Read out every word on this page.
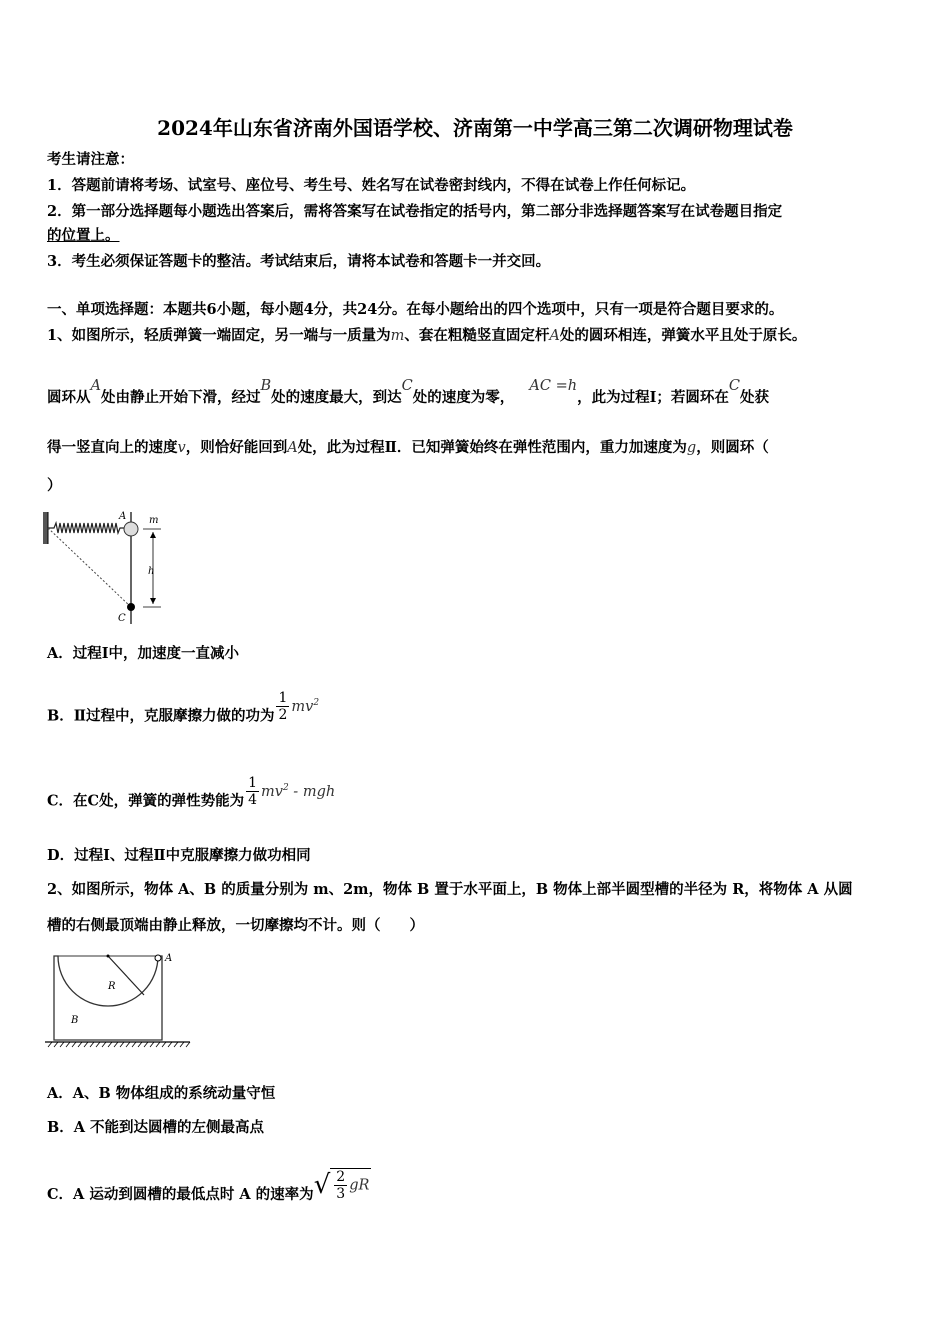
2024年山东省济南外国语学校、济南第一中学高三第二次调研物理试卷
考生请注意：
1．答题前请将考场、试室号、座位号、考生号、姓名写在试卷密封线内，不得在试卷上作任何标记。
2．第一部分选择题每小题选出答案后，需将答案写在试卷指定的括号内，第二部分非选择题答案写在试卷题目指定
的位置上。
3．考生必须保证答题卡的整洁。考试结束后，请将本试卷和答题卡一并交回。
一、单项选择题：本题共6小题，每小题4分，共24分。在每小题给出的四个选项中，只有一项是符合题目要求的。
1、如图所示，轻质弹簧一端固定，另一端与一质量为m、套在粗糙竖直固定杆A处的圆环相连，弹簧水平且处于原长。
圆环从A处由静止开始下滑，经过B处的速度最大，到达C处的速度为零，   AC =h，此为过程Ⅰ；若圆环在C处获
得一竖直向上的速度v，则恰好能回到A处，此为过程Ⅱ．已知弹簧始终在弹性范围内，重力加速度为g，则圆环（
）
A m
h
C
A．过程Ⅰ中，加速度一直减小
B．Ⅱ过程中，克服摩擦力做的功为 $\frac{1}{2} mv^2$
C．在C处，弹簧的弹性势能为 $\frac{1}{4} mv^2$ - mgh
D．过程Ⅰ、过程Ⅱ中克服摩擦力做功相同
2、如图所示，物体 A、B 的质量分别为 m、2m，物体 B 置于水平面上，B 物体上部半圆型槽的半径为 R，将物体 A 从圆
槽的右侧最顶端由静止释放，一切摩擦均不计。则（　　）
A
R
B
A．A、B 物体组成的系统动量守恒
B．A 不能到达圆槽的左侧最高点
C．A 运动到圆槽的最低点时 A 的速率为√ $\frac{2}{3}$ gR
